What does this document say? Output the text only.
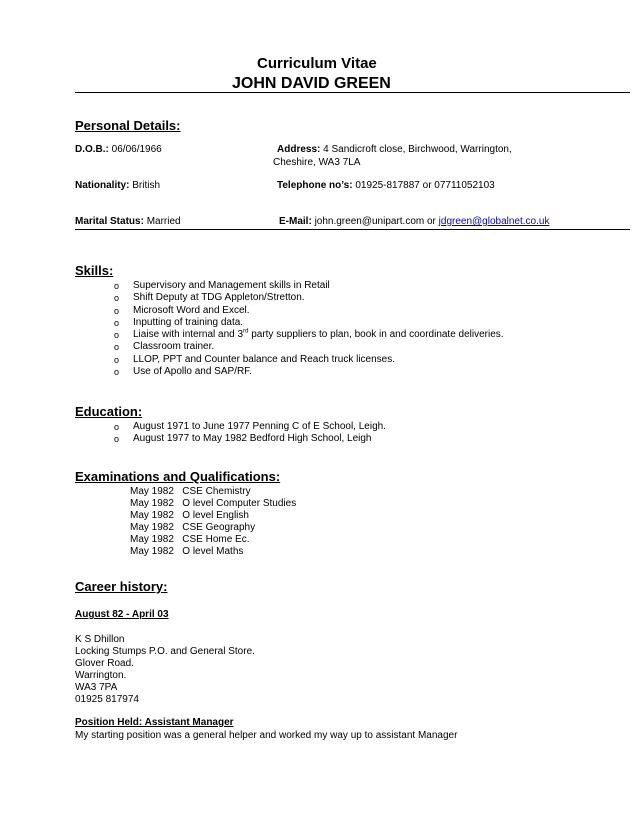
Curriculum Vitae
JOHN DAVID GREEN
Personal Details:
D.O.B.: 06/06/1966	Address: 4 Sandicroft close, Birchwood, Warrington,
Cheshire, WA3 7LA
Nationality: British	Telephone no’s: 01925-817887 or 07711052103
Marital Status: Married	E-Mail: john.green@unipart.com or jdgreen@globalnet.co.uk
Skills:
o Supervisory and Management skills in Retail
o Shift Deputy at TDG Appleton/Stretton.
o Microsoft Word and Excel.
o Inputting of training data.
o Liaise with internal and 3rd party suppliers to plan, book in and coordinate deliveries.
o Classroom trainer.
o LLOP, PPT and Counter balance and Reach truck licenses.
o Use of Apollo and SAP/RF.
Education:
o August 1971 to June 1977 Penning C of E School, Leigh.
o August 1977 to May 1982 Bedford High School, Leigh
Examinations and Qualifications:
May 1982 CSE Chemistry
May 1982 O level Computer Studies
May 1982 O level English
May 1982 CSE Geography
May 1982 CSE Home Ec.
May 1982 O level Maths
Career history:
August 82 - April 03
K S Dhillon
Locking Stumps P.O. and General Store.
Glover Road.
Warrington.
WA3 7PA
01925 817974
Position Held: Assistant Manager
My starting position was a general helper and worked my way up to assistant Manager
